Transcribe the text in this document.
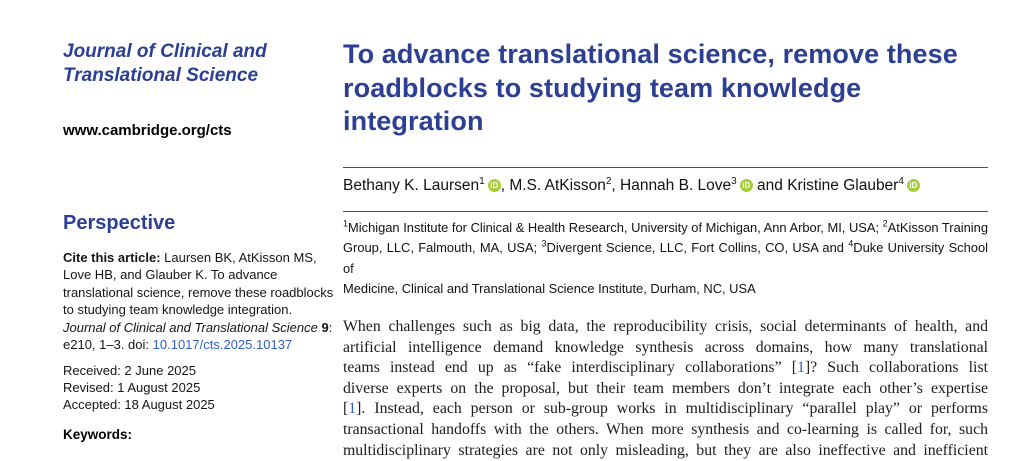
Journal of Clinical and Translational Science
www.cambridge.org/cts
Perspective
Cite this article: Laursen BK, AtKisson MS, Love HB, and Glauber K. To advance translational science, remove these roadblocks to studying team knowledge integration. Journal of Clinical and Translational Science 9: e210, 1–3. doi: 10.1017/cts.2025.10137
Received: 2 June 2025
Revised: 1 August 2025
Accepted: 18 August 2025
Keywords:
To advance translational science, remove these
roadblocks to studying team knowledge
integration
Bethany K. Laursen$^1$ iD , M.S. AtKisson$^2$, Hannah B. Love$^3$ iD and Kristine Glauber$^4$ iD
$^1$Michigan Institute for Clinical & Health Research, University of Michigan, Ann Arbor, MI, USA; $^2$AtKisson Training
Group, LLC, Falmouth, MA, USA; $^3$Divergent Science, LLC, Fort Collins, CO, USA and $^4$Duke University School of
Medicine, Clinical and Translational Science Institute, Durham, NC, USA
When challenges such as big data, the reproducibility crisis, social determinants of health, and
artificial intelligence demand knowledge synthesis across domains, how many translational
teams instead end up as “fake interdisciplinary collaborations” [1]? Such collaborations list
diverse experts on the proposal, but their team members don’t integrate each other’s expertise
[1]. Instead, each person or sub-group works in multidisciplinary “parallel play” or performs
transactional handoffs with the others. When more synthesis and co-learning is called for, such
multidisciplinary strategies are not only misleading, but they are also ineffective and inefficient
